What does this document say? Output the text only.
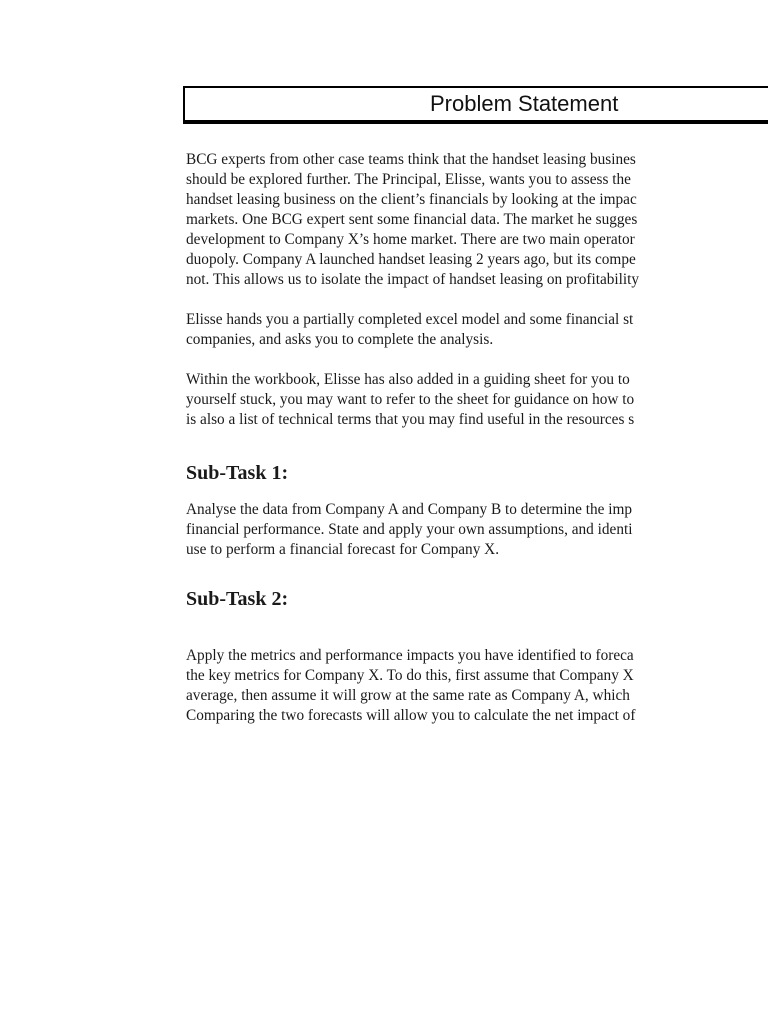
Problem Statement

BCG experts from other case teams think that the handset leasing busines
should be explored further. The Principal, Elisse, wants you to assess the
handset leasing business on the client’s financials by looking at the impac
markets. One BCG expert sent some financial data. The market he sugges
development to Company X’s home market. There are two main operator
duopoly. Company A launched handset leasing 2 years ago, but its compe
not. This allows us to isolate the impact of handset leasing on profitability

Elisse hands you a partially completed excel model and some financial st
companies, and asks you to complete the analysis.

Within the workbook, Elisse has also added in a guiding sheet for you to
yourself stuck, you may want to refer to the sheet for guidance on how to
is also a list of technical terms that you may find useful in the resources s

Sub-Task 1:

Analyse the data from Company A and Company B to determine the imp
financial performance. State and apply your own assumptions, and identi
use to perform a financial forecast for Company X.

Sub-Task 2:

Apply the metrics and performance impacts you have identified to foreca
the key metrics for Company X. To do this, first assume that Company X
average, then assume it will grow at the same rate as Company A, which
Comparing the two forecasts will allow you to calculate the net impact of
